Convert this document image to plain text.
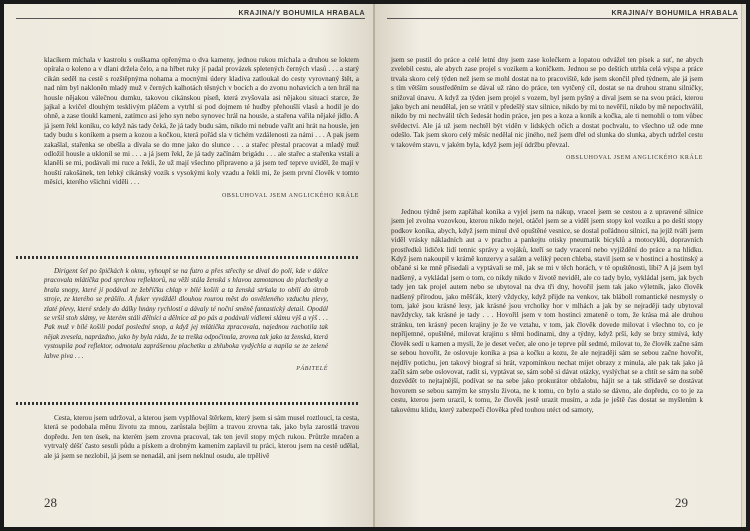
KRAJINA/Y BOHUMILA HRABALA

klacíkem míchala v kastrolu s ouškama opřenýma o dva kameny, jednou rukou míchala a druhou se loktem opírala o koleno a v dlani držela čelo, a na hřbet ruky jí padal provázek spletených černých vlasů . . . a starý cikán seděl na cestě s rozštěpnýma nohama a mocnými údery kladiva zatloukal do cesty vyrovnaný štět, a nad ním byl naklonĕn mladý muž v černých kalhotách těsných v bocích a do zvonu nohavicích a ten hrál na housle nějakou válečnou dumku, takovou cikánskou píseň, která zvyšovala asi nějakou situaci starce, že jajkal a kvičel dlouhým tesklivým pláčem a vytrhl si pod dojmem té hudby přehoušlí vlasů a hodil je do ohně, a zase tloukl kameni, zatímco asi jeho syn nebo synovec hrál na housle, a stařena vařila nějaké jídlo. A já jsem řekl koníku, co když nás tady čeká, že já tady budu sám, nikdo mi nebude vařit ani hrát na housle, jen tady budu s koníkem a psem a kozou a kočkou, která pořád sla v tichém vzdálenosti za námi . . . A pak jsem zakašlal, stařenka se obešla a dívala se do mne jako do slunce . . . a stařec přestal pracovat a mladý muž odložil housle a uklonil se mi . . . a já jsem řekl, že já tady začínám brigádu . . . ale stařec a stařenka vstali a klaněli se mi, podávali mi ruce a řekli, že už mají všechno připraveno a já jsem teď teprve uviděl, že mají v houští rakošánek, ten lehký cikánský vozík s vysokými koly vzadu a řekli mi, že jsem první člověk v tomto měsíci, kterého všichni viděli . . .

OBSLUHOVAL JSEM ANGLICKÉHO KRÁLE

Dirigent šel po špičkách k oknu, vyhoupl se na futro a přes střechy se díval do polí, kde v dálce pracovala mlátička pod sprchou reflektorů, na věži stála ženská s hlavou zamotanou do plachetky a brala snopy, které jí podával ze žebříčku chlap v bílé košili a ta ženská strkala to obilí do útrob stroje, ze kterého se prášilo. A fuker vyvážděl dlouhou rourou měst do osvětleného vzduchu plevy, zlaté plevy, které srdely do dálky hnány rychlostí a dávaly té noční směně fantastický detail. Opodál se vršil stoh slámy, ve kterém stáli dělníci a dělnice až po pás a podávali vidlemi slámu výš a výš . . . Pak muž v bílé košili podal poslední snop, a když jej mlátička zpracovala, najednou rachotila tak nějak zvesela, naprázdno, jako by byla ráda, že ta treška odpočinula, zrovna tak jako ta ženská, která vystoupila pod reflektor, odmotala zaprášenou plachetku a zhluboka vydýchla a napila se ze zelené lahve piva . . .

PÁBITELÉ

Cesta, kterou jsem udržoval, a kterou jsem vyplňoval štěrkem, který jsem si sám musel roztloucí, ta cesta, která se podobala měnu životu za mnou, zarůstala bejlím a travou zrovna tak, jako byla zarostlá travou dopředu. Jen ten úsek, na kterém jsem zrovna pracoval, tak ten jevil stopy mých rukou. Průtrže mračen a vytrvalý déšť často sesuli půdu a pískem a drobným kamením zaplavil tu práci, kterou jsem na cestě udělal, ale já jsem se nezlobil, já jsem se nenadál, ani jsem neklnul osudu, ale trpělivě

28
KRAJINA/Y BOHUMILA HRABALA

jsem se pustil do práce a celé letní dny jsem zase kolečkem a lopatou odvážel ten písek a suť, ne abych zvelebil cestu, ale abych zase projel s vozíkem a koníčkem. Jednou se po deštích utrhla celá výspa a práce trvala skoro celý týden než jsem se mohl dostat na to pracoviště, kde jsem skončil před týdnem, ale já jsem s tím větším soustředěním se dával už ráno do práce, ten vytčený cíl, dostat se na druhou stranu silničky, snižoval únavu. A když za týden jsem projel s vozem, byl jsem pyšný a dival jsem se na svou práci, kterou jako bych ani neudělal, jen se vrátil v předešlý stav silnice, nikdo by mi to nevěřil, nikdo by mě nepochválil, nikdo by mi nechválil těch šedesát hodin práce, jen pes a koza a koník a kočka, ale ti nemohli o tom vůbec svědectví. Ale já už jsem nechtěl být viděn v lidských očích a dostat pochvalu, to všechno už ode mne odešlo. Tak jsem skoro celý měsíc nedělal nic jiného, než jsem dřel od slunka do slunka, abych udržel cestu v takovém stavu, v jakém byla, když jsem její údržbu převzal.

OBSLUHOVAL JSEM ANGLICKÉHO KRÁLE

Jednou týdně jsem zapřáhal koníka a vyjel jsem na nákup, vracel jsem se cestou a z upravené silnice jsem jel zvolna vozovkou, kterou nikdo nejel, otáčel jsem se a viděl jsem stopy kol vozíku a po deští stopy podkov koníka, abych, když jsem minul dvě opuštěné vesnice, se dostal pořádnou silnicí, na jejíž tváři jsem viděl vrásky nákladních aut a v prachu a pankejtu otisky pneumatik bicyklů a motocyklů, dopravních prostředků lidiček lidí tennic správy a vojáků, kteří se tady vracení nebo vyjíždění do práce a na hlídku. Když jsem nakoupil v krámě konzervy a salám a veliký pecen chleba, stavil jsem se v hostinci a hostinský a občané si ke mně přisedali a vyptávali se mě, jak se mi v těch horách, v té opuštěnosti, líbí? A já jsem byl nadšený, a vykládal jsem o tom, co nikdy nikdo v životě neviděl, ale co tady bylo, vykládal jsem, jak bych tady jen tak projel autem nebo se ubytoval na dva tři dny, hovořil jsem tak jako výletník, jako člověk nadšený přírodou, jako měšťák, který vždycky, když přijde na venkov, tak bláboll romantické nesmysly o tom, jaké jsou krásné lesy, jak krásné jsou vrcholky hor v mlhách a jak by se nejraději tady ubytoval navždycky, tak krásné je tady . . . Hovořil jsem v tom hostinci zmateně o tom, že krása má ale druhou stránku, ten krásný pecen krajiny je že ve vztahu, v tom, jak člověk dovede milovat i všechno to, co je nepříjemné, opuštěné, milovat krajinu s těmi hodinami, dny a týdny, když prší, kdy se brzy stmívá, kdy člověk sedí u kamen a myslí, že je deset večer, ale ono je teprve půl sedmé, milovat to, že člověk začne sám se sebou hovořit, že oslovuje koníka a psa a kočku a kozu, že ale nejraději sám se sebou začne hovořit, nejdřív potichu, jen takový biograf si hrát, vzpomínkou nechat mijet obrazy z minula, ale pak tak jako já začít sám sebe oslovovat, radit si, vyptávat se, sám sobě si dávat otázky, vyslýchat se a chtít se sám na sobě dozvědět to nejtajnější, podívat se na sebe jako prokurátor obžalobu, hájit se a tak střídavě se dostávat hovorem se sebou samým ke smyslu života, ne k tomu, co bylo a stalo se dávno, ale dopředu, co to je za cestu, kterou jsem urazil, k tomu, že člověk jestě urazit musím, a zda je ještě čas dostat se myšlením k takovému klidu, který zabezpečí člověka před touhou utéct od samoty,

29
